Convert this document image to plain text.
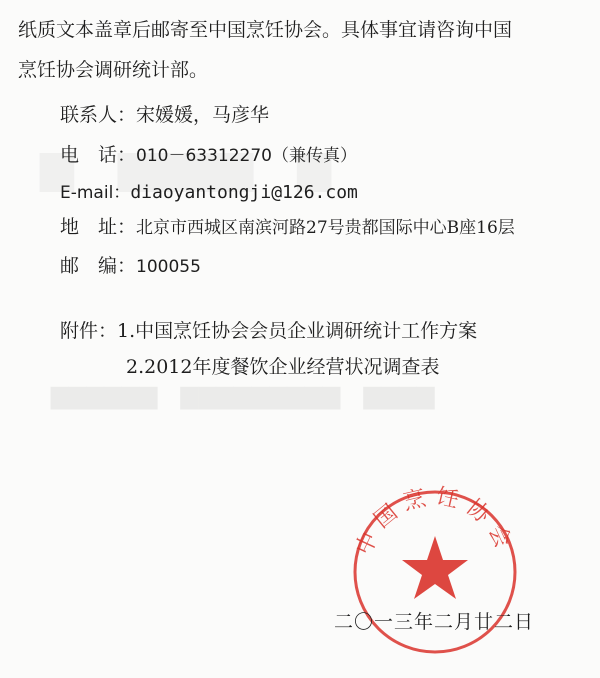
▇▇▇▇▇▇　▇▇▇▇▇▇▇▇▇　▇▇▇▇
纸质文本盖章后邮寄至中国烹饪协会。具体事宜请咨询中国
烹饪协会调研统计部。
联系人：宋媛媛，马彦华
电　话：010－63312270（兼传真）
E-mail：diaoyantongji@126.com
地　址：北京市西城区南滨河路27号贵都国际中心B座16层
邮　编：100055
附件：1.中国烹饪协会会员企业调研统计工作方案
2.2012年度餐饮企业经营状况调查表
中国烹饪协会
二〇一三年二月廿二日
